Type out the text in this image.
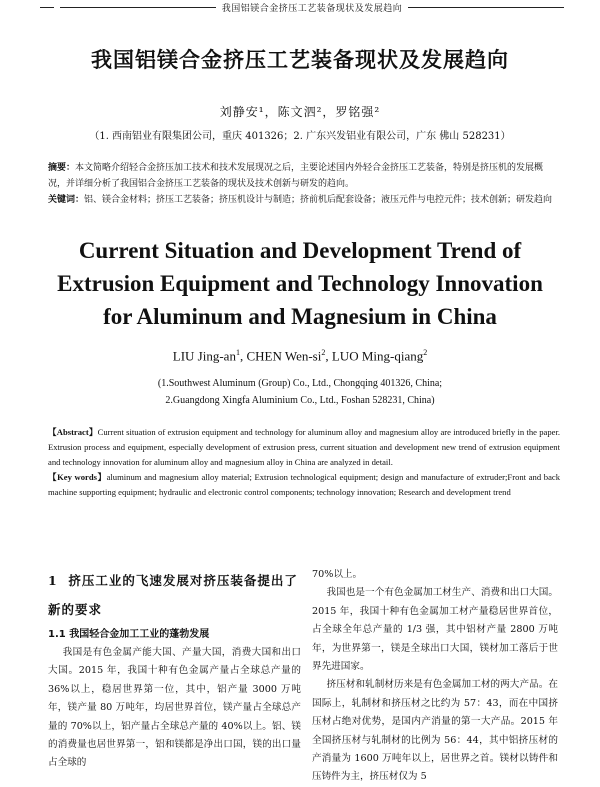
我国铝镁合金挤压工艺装备现状及发展趋向
我国铝镁合金挤压工艺装备现状及发展趋向
刘静安¹，陈文泗²，罗铭强²
（1. 西南铝业有限集团公司，重庆 401326；2. 广东兴发铝业有限公司，广东 佛山 528231）
摘要：本文简略介绍轻合金挤压加工技术和技术发展现况之后，主要论述国内外轻合金挤压工艺装备，特别是挤压机的发展概况，并详细分析了我国铝合金挤压工艺装备的现状及技术创新与研发的趋向。
关键词：铝、镁合金材料；挤压工艺装备；挤压机设计与制造；挤前机后配套设备；液压元件与电控元件；技术创新；研发趋向
Current Situation and Development Trend of
Extrusion Equipment and Technology Innovation
for Aluminum and Magnesium in China
LIU Jing-$an^1$, CHEN Wen-$si^2$, LUO Ming-qiang$^2$
(1.Southwest Aluminum (Group) Co., Ltd., Chongqing 401326, China;
2.Guangdong Xingfa Aluminium Co., Ltd., Foshan 528231, China)
【Abstract】Current situation of extrusion equipment and technology for aluminum alloy and magnesium alloy are introduced briefly in the paper. Extrusion process and equipment, especially development of extrusion press, current situation and development new trend of extrusion equipment and technology innovation for aluminum alloy and magnesium alloy in China are analyzed in detail.
【Key words】aluminum and magnesium alloy material; Extrusion technological equipment; design and manufacture of extruder;Front and back machine supporting equipment; hydraulic and electronic control components; technology innovation; Research and development trend
1 挤压工业的飞速发展对挤压装备提出了新的要求
1.1 我国轻合金加工工业的蓬勃发展

  我国是有色金属产能大国、产量大国，消费大国和出口大国。2015 年，我国十种有色金属产量占全球总产量的 36%以上，稳居世界第一位，其中，铝产量 3000 万吨年，镁产量 80 万吨年，均居世界首位，镁产量占全球总产量的 70%以上，铝产量占全球总产量的 40%以上。铝、镁的消费量也居世界第一，铝和镁都是净出口国，镁的出口量占全球的

70%以上。

  我国也是一个有色金属加工材生产、消费和出口大国。2015 年，我国十种有色金属加工材产量稳居世界首位，占全球全年总产量的 1/3 强，其中铝材产量 2800 万吨年，为世界第一，镁是全球出口大国，镁材加工落后于世界先进国家。

  挤压材和轧制材历来是有色金属加工材的两大产品。在国际上，轧制材和挤压材之比约为 57：43，而在中国挤压材占绝对优势，是国内产消量的第一大产品。2015 年全国挤压材与轧制材的比例为 56：44，其中铝挤压材的产消量为 1600 万吨年以上，居世界之首。镁材以铸件和压铸件为主，挤压材仅为 5
